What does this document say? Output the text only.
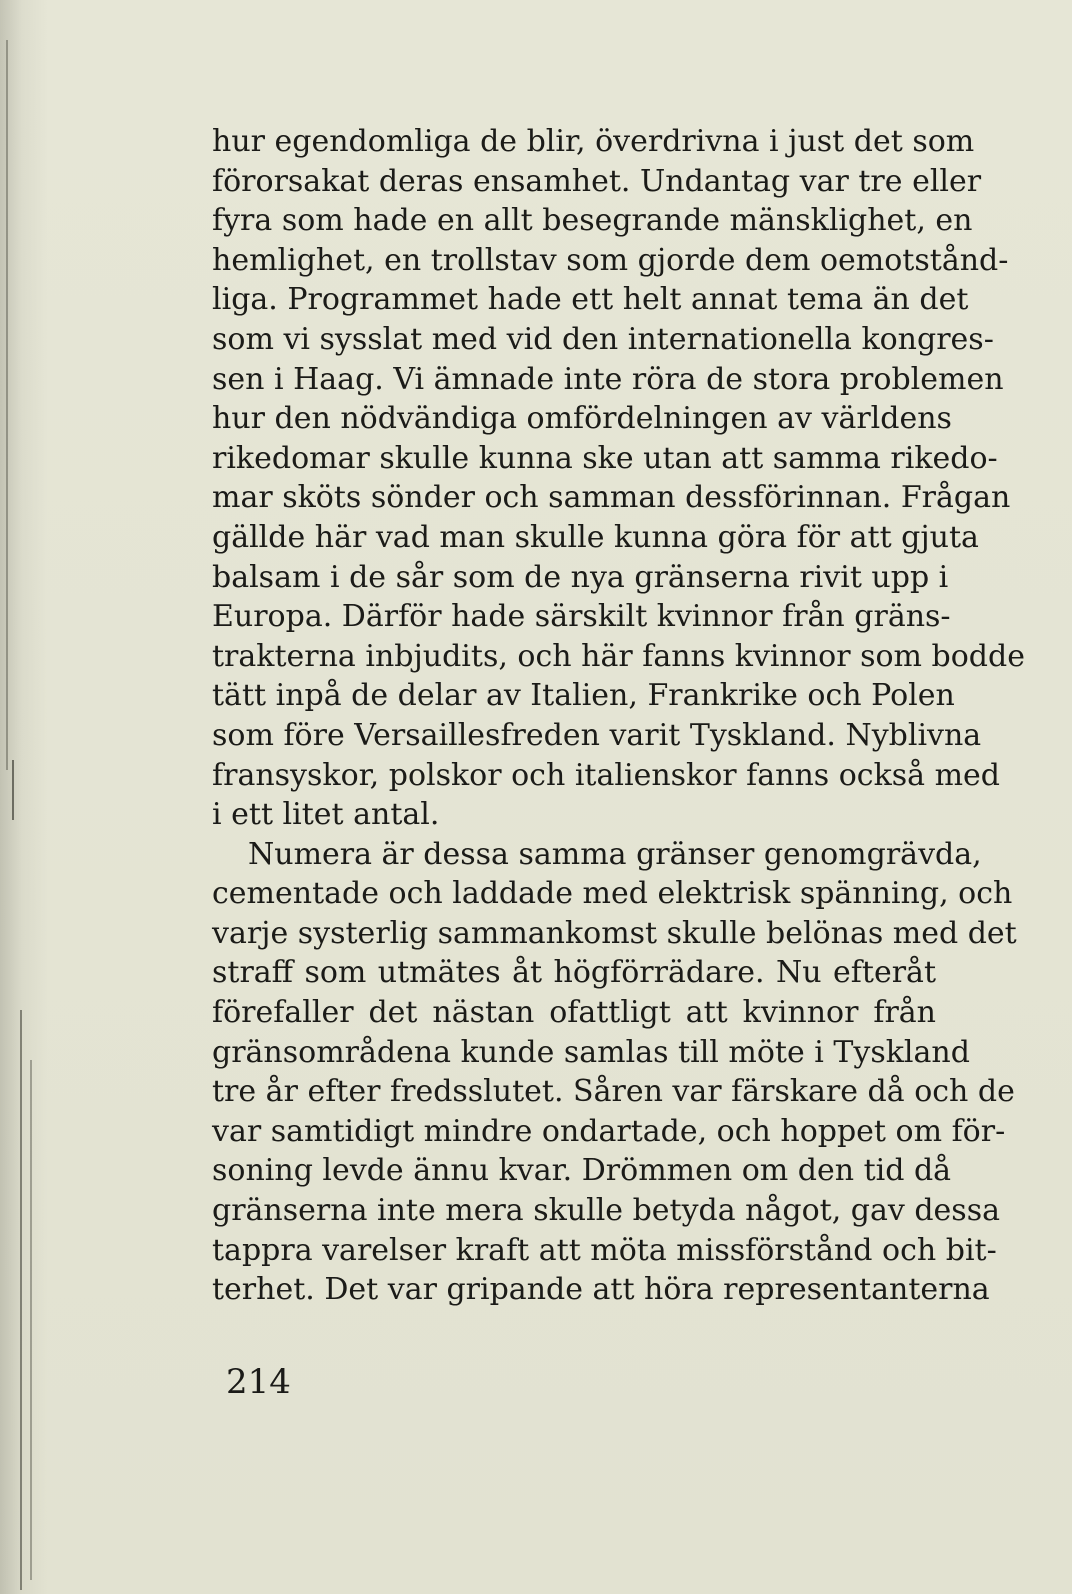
hur egendomliga de blir, överdrivna i just det som
förorsakat deras ensamhet. Undantag var tre eller
fyra som hade en allt besegrande mänsklighet, en
hemlighet, en trollstav som gjorde dem oemotstånd-
liga. Programmet hade ett helt annat tema än det
som vi sysslat med vid den internationella kongres-
sen i Haag. Vi ämnade inte röra de stora problemen
hur den nödvändiga omfördelningen av världens
rikedomar skulle kunna ske utan att samma rikedo-
mar sköts sönder och samman dessförinnan. Frågan
gällde här vad man skulle kunna göra för att gjuta
balsam i de sår som de nya gränserna rivit upp i
Europa. Därför hade särskilt kvinnor från gräns-
trakterna inbjudits, och här fanns kvinnor som bodde
tätt inpå de delar av Italien, Frankrike och Polen
som före Versaillesfreden varit Tyskland. Nyblivna
fransyskor, polskor och italienskor fanns också med
i ett litet antal.
Numera är dessa samma gränser genomgrävda,
cementade och laddade med elektrisk spänning, och
varje systerlig sammankomst skulle belönas med det
straff som utmätes åt högförrädare. Nu efteråt
förefaller det nästan ofattligt att kvinnor från
gränsområdena kunde samlas till möte i Tyskland
tre år efter fredsslutet. Såren var färskare då och de
var samtidigt mindre ondartade, och hoppet om för-
soning levde ännu kvar. Drömmen om den tid då
gränserna inte mera skulle betyda något, gav dessa
tappra varelser kraft att möta missförstånd och bit-
terhet. Det var gripande att höra representanterna
214
